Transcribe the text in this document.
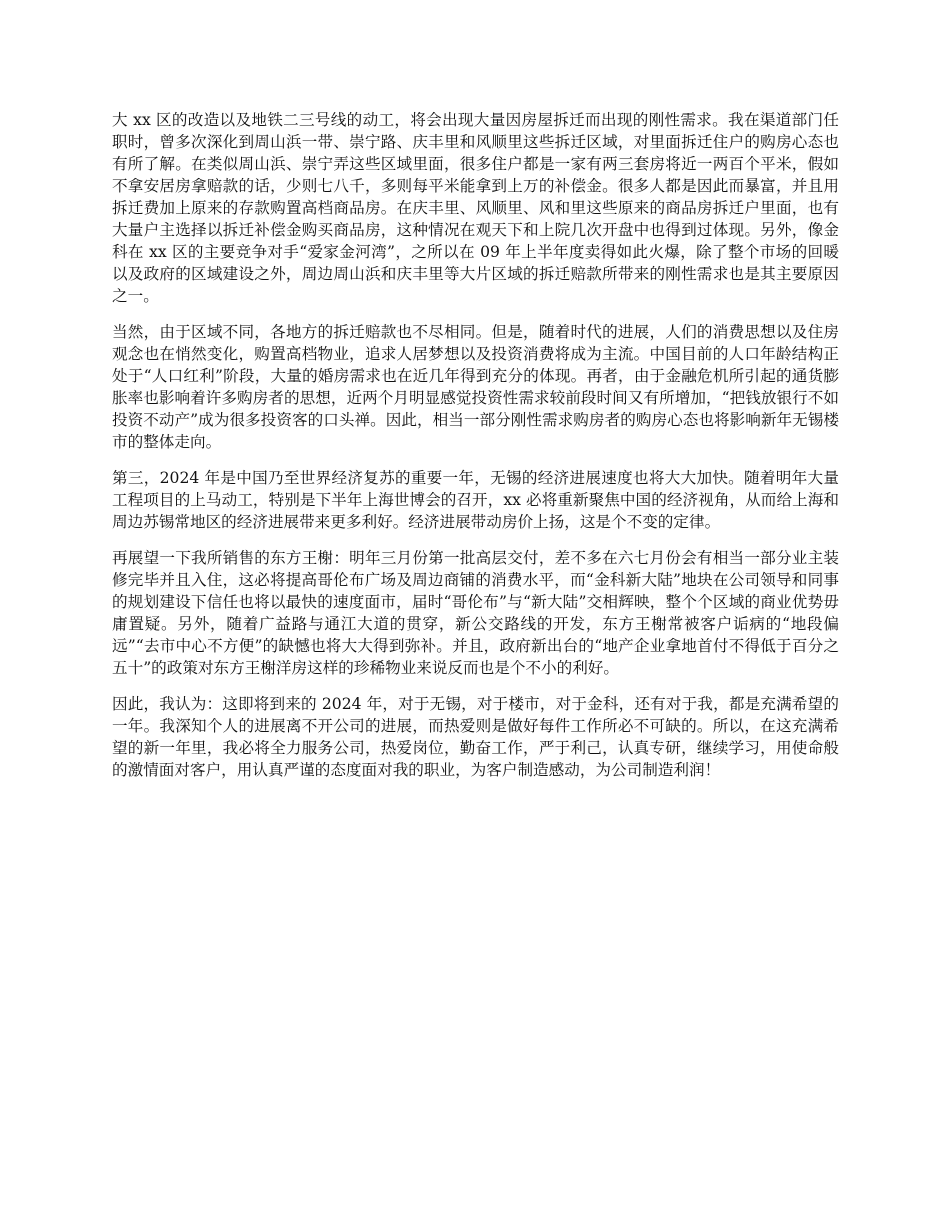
大 xx 区的改造以及地铁二三号线的动工，将会出现大量因房屋拆迁而出现的刚性需求。我在渠道部门任职时，曾多次深化到周山浜一带、崇宁路、庆丰里和风顺里这些拆迁区域，对里面拆迁住户的购房心态也有所了解。在类似周山浜、崇宁弄这些区域里面，很多住户都是一家有两三套房将近一两百个平米，假如不拿安居房拿赔款的话，少则七八千，多则每平米能拿到上万的补偿金。很多人都是因此而暴富，并且用拆迁费加上原来的存款购置高档商品房。在庆丰里、风顺里、风和里这些原来的商品房拆迁户里面，也有大量户主选择以拆迁补偿金购买商品房，这种情况在观天下和上院几次开盘中也得到过体现。另外，像金科在 xx 区的主要竞争对手“爱家金河湾”，之所以在 09 年上半年度卖得如此火爆，除了整个市场的回暖以及政府的区域建设之外，周边周山浜和庆丰里等大片区域的拆迁赔款所带来的刚性需求也是其主要原因之一。

当然，由于区域不同，各地方的拆迁赔款也不尽相同。但是，随着时代的进展，人们的消费思想以及住房观念也在悄然变化，购置高档物业，追求人居梦想以及投资消费将成为主流。中国目前的人口年龄结构正处于“人口红利”阶段，大量的婚房需求也在近几年得到充分的体现。再者，由于金融危机所引起的通货膨胀率也影响着许多购房者的思想，近两个月明显感觉投资性需求较前段时间又有所增加，“把钱放银行不如投资不动产”成为很多投资客的口头禅。因此，相当一部分刚性需求购房者的购房心态也将影响新年无锡楼市的整体走向。

第三，2024 年是中国乃至世界经济复苏的重要一年，无锡的经济进展速度也将大大加快。随着明年大量工程项目的上马动工，特别是下半年上海世博会的召开，xx 必将重新聚焦中国的经济视角，从而给上海和周边苏锡常地区的经济进展带来更多利好。经济进展带动房价上扬，这是个不变的定律。

再展望一下我所销售的东方王榭：明年三月份第一批高层交付，差不多在六七月份会有相当一部分业主装修完毕并且入住，这必将提高哥伦布广场及周边商铺的消费水平，而“金科新大陆”地块在公司领导和同事的规划建设下信任也将以最快的速度面市，届时“哥伦布”与“新大陆”交相辉映，整个个区域的商业优势毋庸置疑。另外，随着广益路与通江大道的贯穿，新公交路线的开发，东方王榭常被客户诟病的“地段偏远”“去市中心不方便”的缺憾也将大大得到弥补。并且，政府新出台的“地产企业拿地首付不得低于百分之五十”的政策对东方王榭洋房这样的珍稀物业来说反而也是个不小的利好。

因此，我认为：这即将到来的 2024 年，对于无锡，对于楼市，对于金科，还有对于我，都是充满希望的一年。我深知个人的进展离不开公司的进展，而热爱则是做好每件工作所必不可缺的。所以，在这充满希望的新一年里，我必将全力服务公司，热爱岗位，勤奋工作，严于利己，认真专研，继续学习，用使命般的激情面对客户，用认真严谨的态度面对我的职业，为客户制造感动，为公司制造利润！
